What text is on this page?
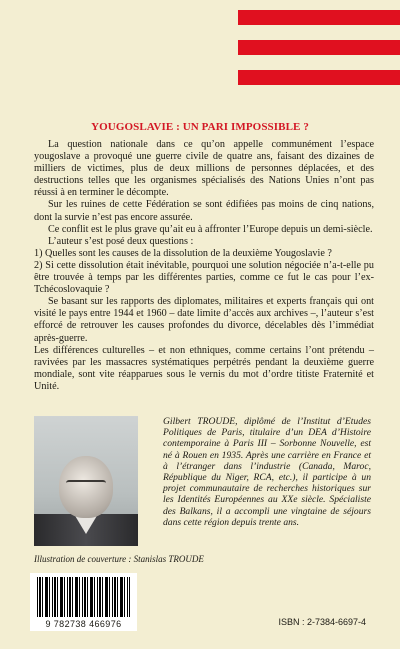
YOUGOSLAVIE : UN PARI IMPOSSIBLE ?

La question nationale dans ce qu’on appelle communément l’espace yougoslave a provoqué une guerre civile de quatre ans, faisant des dizaines de milliers de victimes, plus de deux millions de personnes déplacées, et des destructions telles que les organismes spécialisés des Nations Unies n’ont pas réussi à en terminer le décompte.

Sur les ruines de cette Fédération se sont édifiées pas moins de cinq nations, dont la survie n’est pas encore assurée.

Ce conflit est le plus grave qu’ait eu à affronter l’Europe depuis un demi-siècle.

L’auteur s’est posé deux questions :

1) Quelles sont les causes de la dissolution de la deuxième Yougoslavie ?

2) Si cette dissolution était inévitable, pourquoi une solution négociée n’a-t-elle pu être trouvée à temps par les différentes parties, comme ce fut le cas pour l’ex-Tchécoslovaquie ?

Se basant sur les rapports des diplomates, militaires et experts français qui ont visité le pays entre 1944 et 1960 – date limite d’accès aux archives –, l’auteur s’est efforcé de retrouver les causes profondes du divorce, décelables dès l’immédiat après-guerre.

Les différences culturelles – et non ethniques, comme certains l’ont prétendu – ravivées par les massacres systématiques perpétrés pendant la deuxième guerre mondiale, sont vite réapparues sous le vernis du mot d’ordre titiste Fraternité et Unité.

Gilbert TROUDE, diplômé de l’Institut d’Etudes Politiques de Paris, titulaire d’un DEA d’Histoire contemporaine à Paris III – Sorbonne Nouvelle, est né à Rouen en 1935. Après une carrière en France et à l’étranger dans l’industrie (Canada, Maroc, République du Niger, RCA, etc.), il participe à un projet communautaire de recherches historiques sur les Identités Européennes au XXe siècle. Spécialiste des Balkans, il a accompli une vingtaine de séjours dans cette région depuis trente ans.
Illustration de couverture : Stanislas TROUDE
9 782738 466976	ISBN : 2-7384-6697-4
